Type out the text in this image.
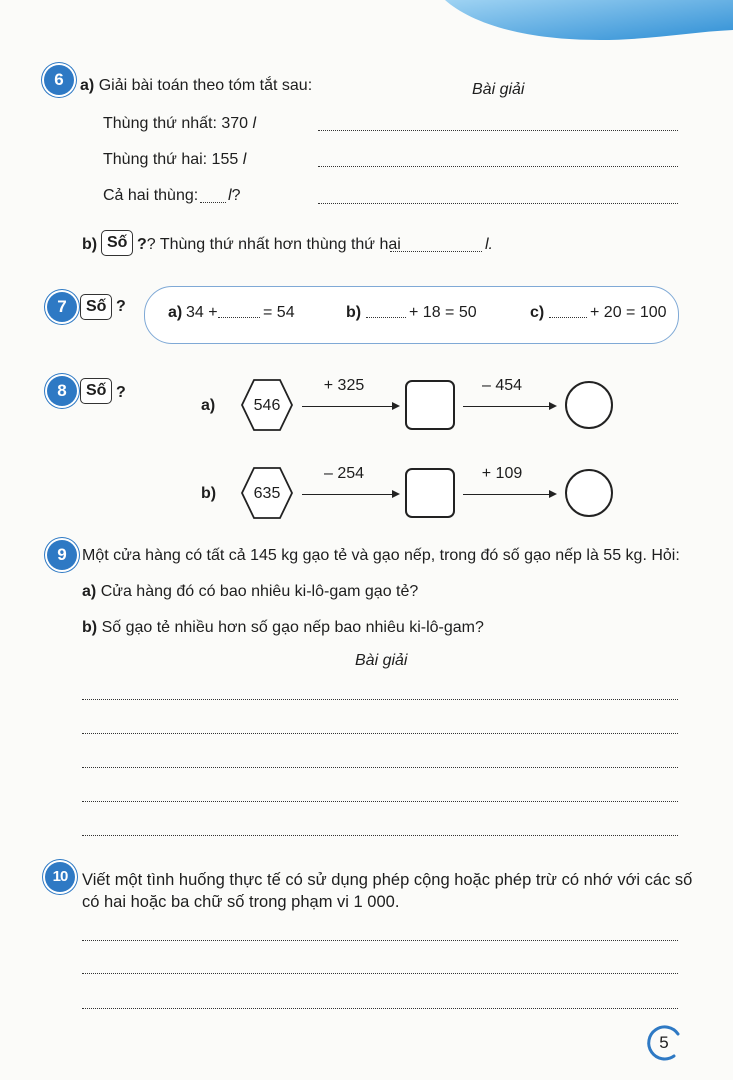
6	a) Giải bài toán theo tóm tắt sau:	Bài giải
Thùng thứ nhất: 370 l
Thùng thứ hai: 155 l
Cả hai thùng: l?
b) Số ?? Thùng thứ nhất hơn thùng thứ hai	l.
7	Số ?	a) 34 +	= 54	b)	+ 18 = 50	c)	+ 20 = 100
8	Số ?
a) 546
+ 325	– 454
b) 635
– 254	+ 109
9 Một cửa hàng có tất cả 145 kg gạo tẻ và gạo nếp, trong đó số gạo nếp là 55 kg. Hỏi:
a) Cửa hàng đó có bao nhiêu ki-lô-gam gạo tẻ?
b) Số gạo tẻ nhiều hơn số gạo nếp bao nhiêu ki-lô-gam?
Bài giải
10 Viết một tình huống thực tế có sử dụng phép cộng hoặc phép trừ có nhớ với các số
có hai hoặc ba chữ số trong phạm vi 1 000.
5
